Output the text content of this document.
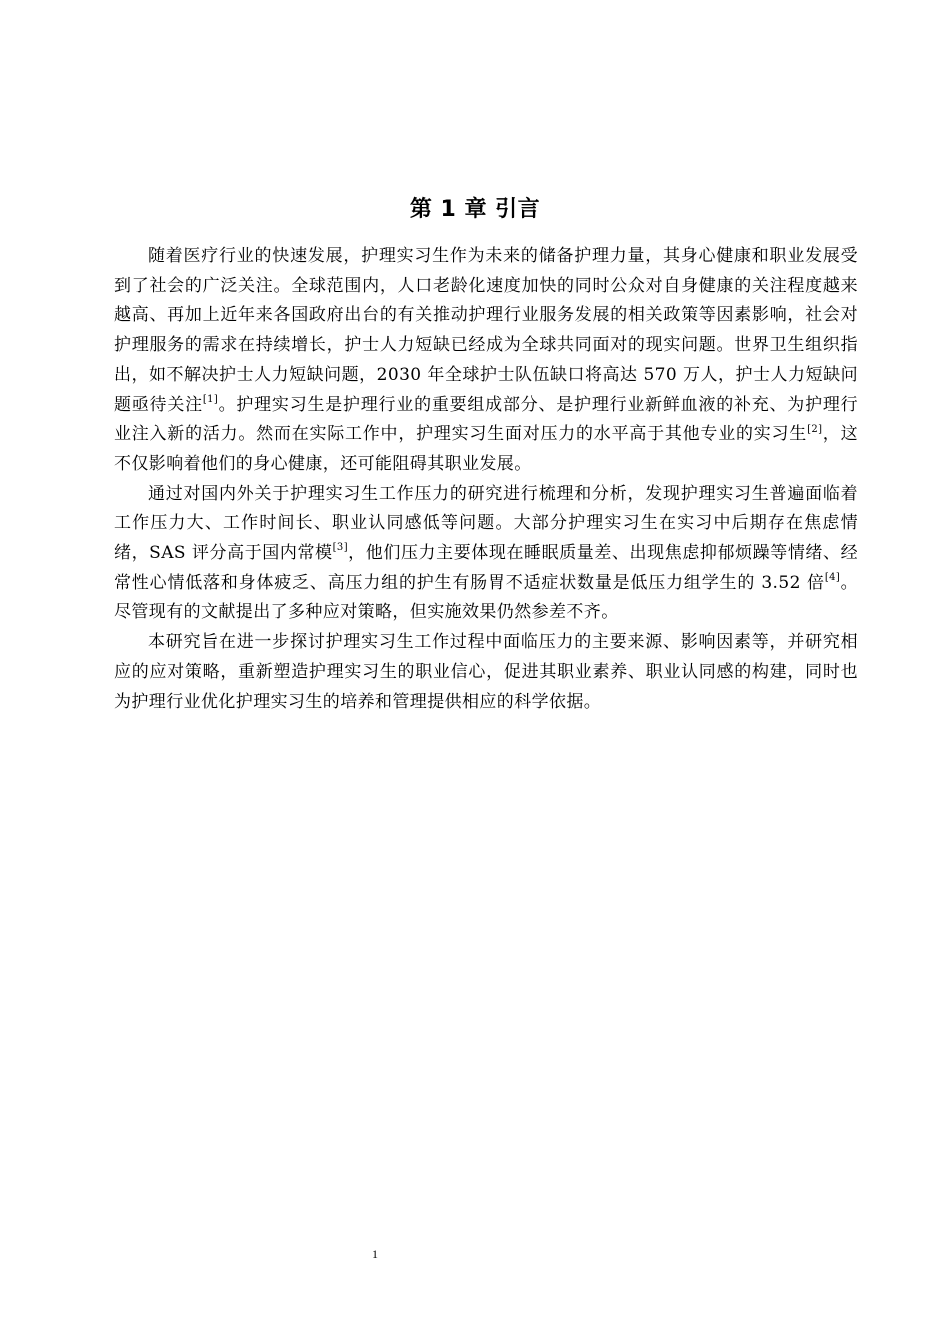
第 1 章 引言

随着医疗行业的快速发展，护理实习生作为未来的储备护理力量，其身心健康和职业发展受到了社会的广泛关注。全球范围内，人口老龄化速度加快的同时公众对自身健康的关注程度越来越高、再加上近年来各国政府出台的有关推动护理行业服务发展的相关政策等因素影响，社会对护理服务的需求在持续增长，护士人力短缺已经成为全球共同面对的现实问题。世界卫生组织指出，如不解决护士人力短缺问题，2030 年全球护士队伍缺口将高达 570 万人，护士人力短缺问题亟待关注[1]。护理实习生是护理行业的重要组成部分、是护理行业新鲜血液的补充、为护理行业注入新的活力。然而在实际工作中，护理实习生面对压力的水平高于其他专业的实习生[2]，这不仅影响着他们的身心健康，还可能阻碍其职业发展。

通过对国内外关于护理实习生工作压力的研究进行梳理和分析，发现护理实习生普遍面临着工作压力大、工作时间长、职业认同感低等问题。大部分护理实习生在实习中后期存在焦虑情绪，SAS 评分高于国内常模[3]，他们压力主要体现在睡眠质量差、出现焦虑抑郁烦躁等情绪、经常性心情低落和身体疲乏、高压力组的护生有肠胃不适症状数量是低压力组学生的 3.52 倍[4]。尽管现有的文献提出了多种应对策略，但实施效果仍然参差不齐。

本研究旨在进一步探讨护理实习生工作过程中面临压力的主要来源、影响因素等，并研究相应的应对策略，重新塑造护理实习生的职业信心，促进其职业素养、职业认同感的构建，同时也为护理行业优化护理实习生的培养和管理提供相应的科学依据。

1
